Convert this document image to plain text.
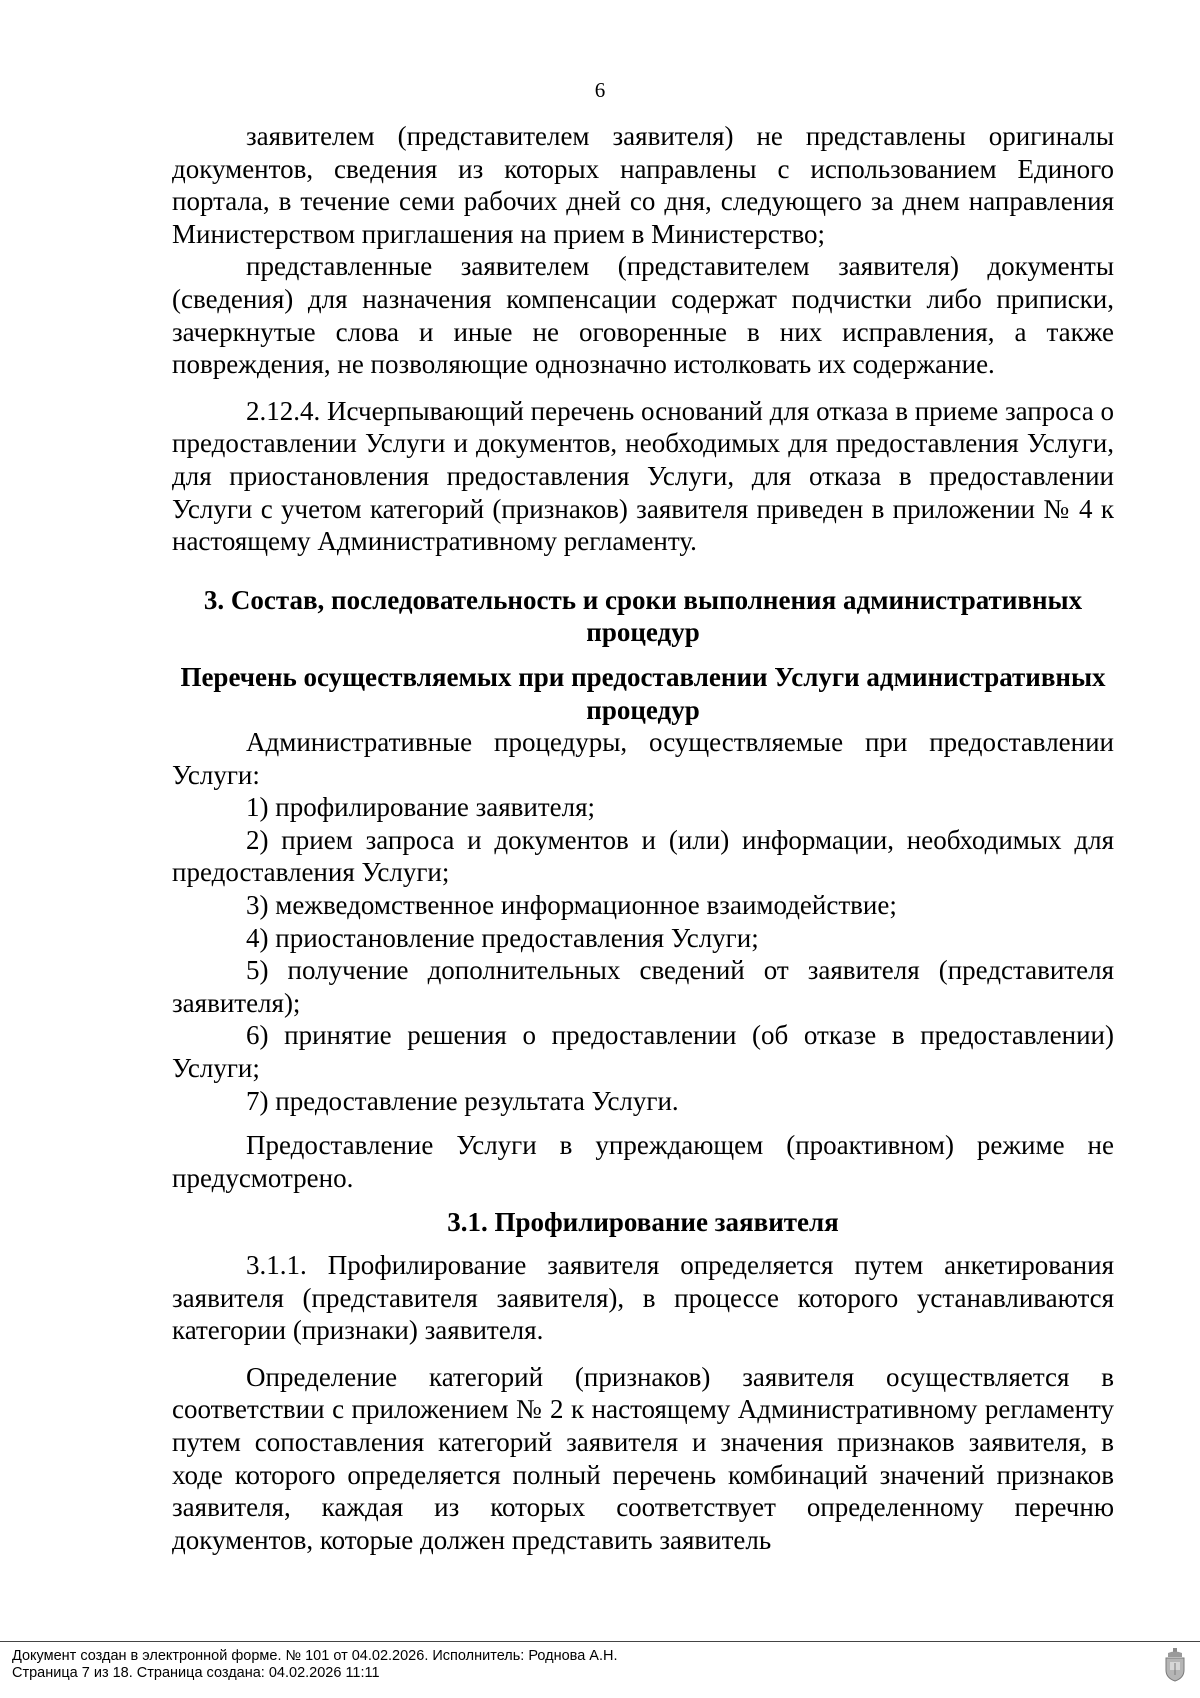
6

заявителем (представителем заявителя) не представлены оригиналы документов, сведения из которых направлены с использованием Единого портала, в течение семи рабочих дней со дня, следующего за днем направления Министерством приглашения на прием в Министерство;

представленные заявителем (представителем заявителя) документы (сведения) для назначения компенсации содержат подчистки либо приписки, зачеркнутые слова и иные не оговоренные в них исправления, а также повреждения, не позволяющие однозначно истолковать их содержание.

2.12.4. Исчерпывающий перечень оснований для отказа в приеме запроса о предоставлении Услуги и документов, необходимых для предоставления Услуги, для приостановления предоставления Услуги, для отказа в предоставлении Услуги с учетом категорий (признаков) заявителя приведен в приложении № 4 к настоящему Административному регламенту.

3. Состав, последовательность и сроки выполнения административных процедур

Перечень осуществляемых при предоставлении Услуги административных процедур

Административные процедуры, осуществляемые при предоставлении Услуги:

1) профилирование заявителя;

2) прием запроса и документов и (или) информации, необходимых для предоставления Услуги;

3) межведомственное информационное взаимодействие;

4) приостановление предоставления Услуги;

5) получение дополнительных сведений от заявителя (представителя заявителя);

6) принятие решения о предоставлении (об отказе в предоставлении) Услуги;

7) предоставление результата Услуги.

Предоставление Услуги в упреждающем (проактивном) режиме не предусмотрено.

3.1. Профилирование заявителя

3.1.1. Профилирование заявителя определяется путем анкетирования заявителя (представителя заявителя), в процессе которого устанавливаются категории (признаки) заявителя.

Определение категорий (признаков) заявителя осуществляется в соответствии с приложением № 2 к настоящему Административному регламенту путем сопоставления категорий заявителя и значения признаков заявителя, в ходе которого определяется полный перечень комбинаций значений признаков заявителя, каждая из которых соответствует определенному перечню документов, которые должен представить заявитель

Документ создан в электронной форме. № 101 от 04.02.2026. Исполнитель: Роднова А.Н.
Страница 7 из 18. Страница создана: 04.02.2026 11:11
